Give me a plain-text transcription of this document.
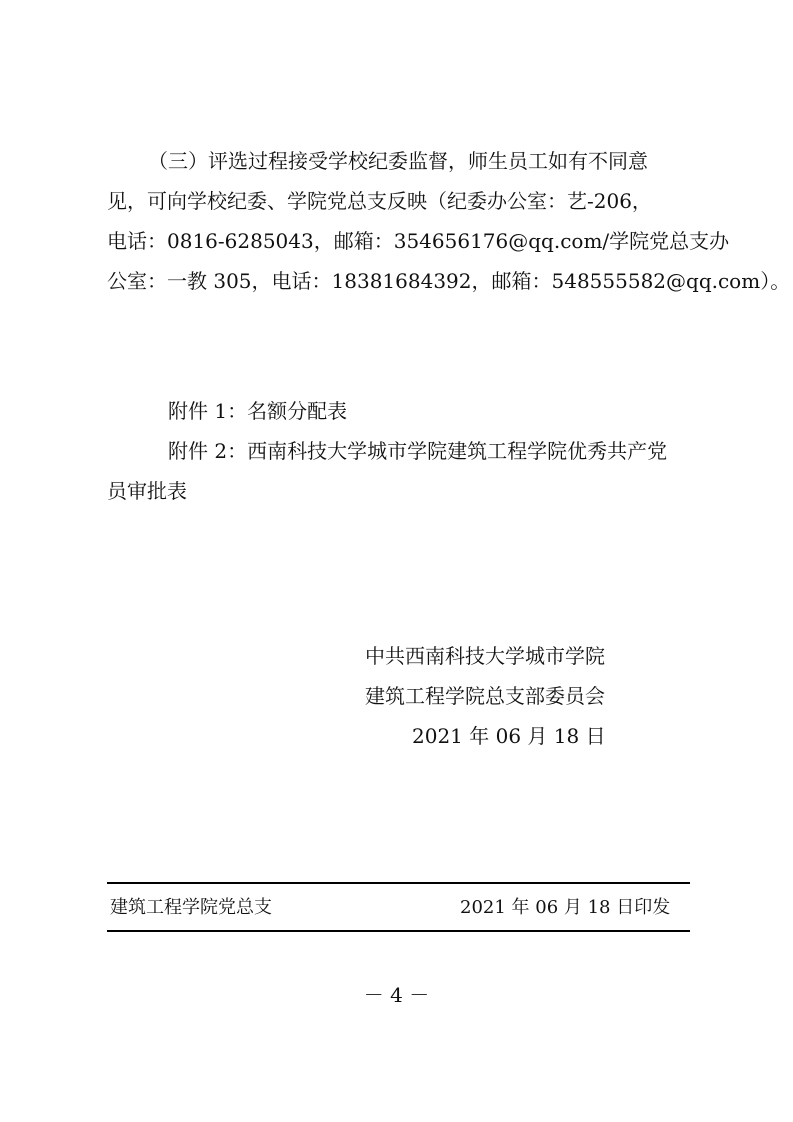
（三）评选过程接受学校纪委监督，师生员工如有不同意
见，可向学校纪委、学院党总支反映（纪委办公室：艺-206，
电话：0816-6285043，邮箱：354656176@qq.com/学院党总支办
公室：一教 305，电话：18381684392，邮箱：548555582@qq.com）。
附件 1：名额分配表
附件 2：西南科技大学城市学院建筑工程学院优秀共产党
员审批表
中共西南科技大学城市学院
建筑工程学院总支部委员会
2021 年 06 月 18 日
建筑工程学院党总支	2021 年 06 月 18 日印发
－ 4 －
